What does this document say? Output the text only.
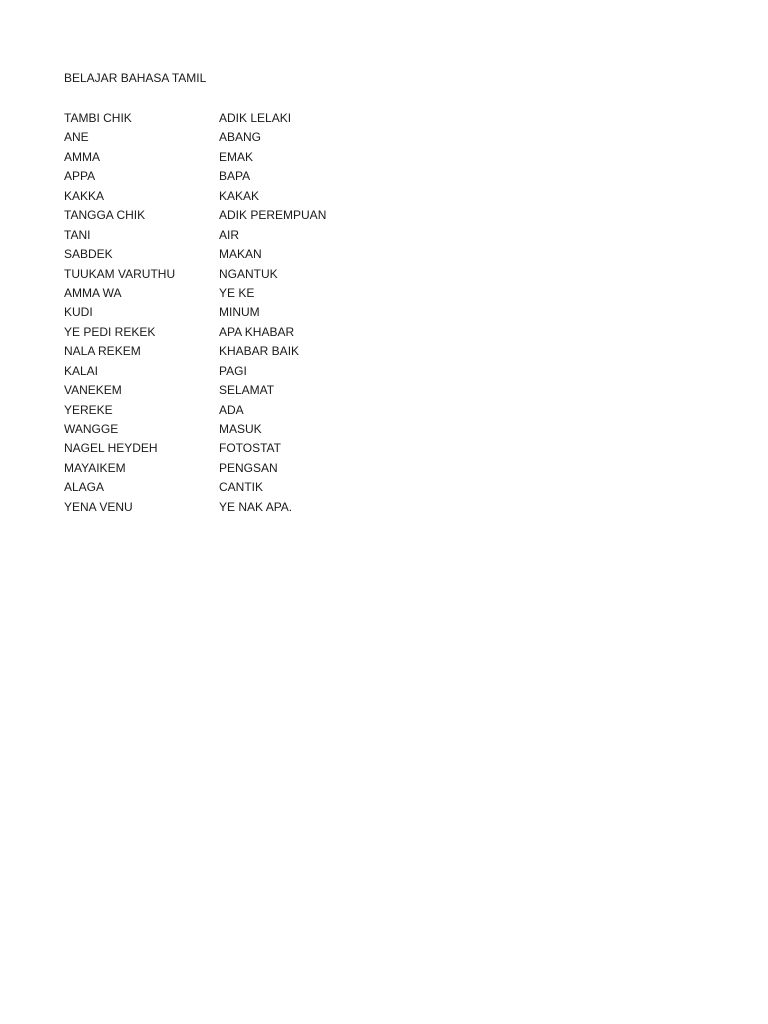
BELAJAR BAHASA TAMIL
TAMBI CHIK	ADIK LELAKI
ANE	ABANG
AMMA	EMAK
APPA	BAPA
KAKKA	KAKAK
TANGGA CHIK	ADIK PEREMPUAN
TANI	AIR
SABDEK	MAKAN
TUUKAM VARUTHU	NGANTUK
AMMA WA	YE KE
KUDI	MINUM
YE PEDI REKEK	APA KHABAR
NALA REKEM	KHABAR BAIK
KALAI	PAGI
VANEKEM	SELAMAT
YEREKE	ADA
WANGGE	MASUK
NAGEL HEYDEH	FOTOSTAT
MAYAIKEM	PENGSAN
ALAGA	CANTIK
YENA VENU	YE NAK APA.
